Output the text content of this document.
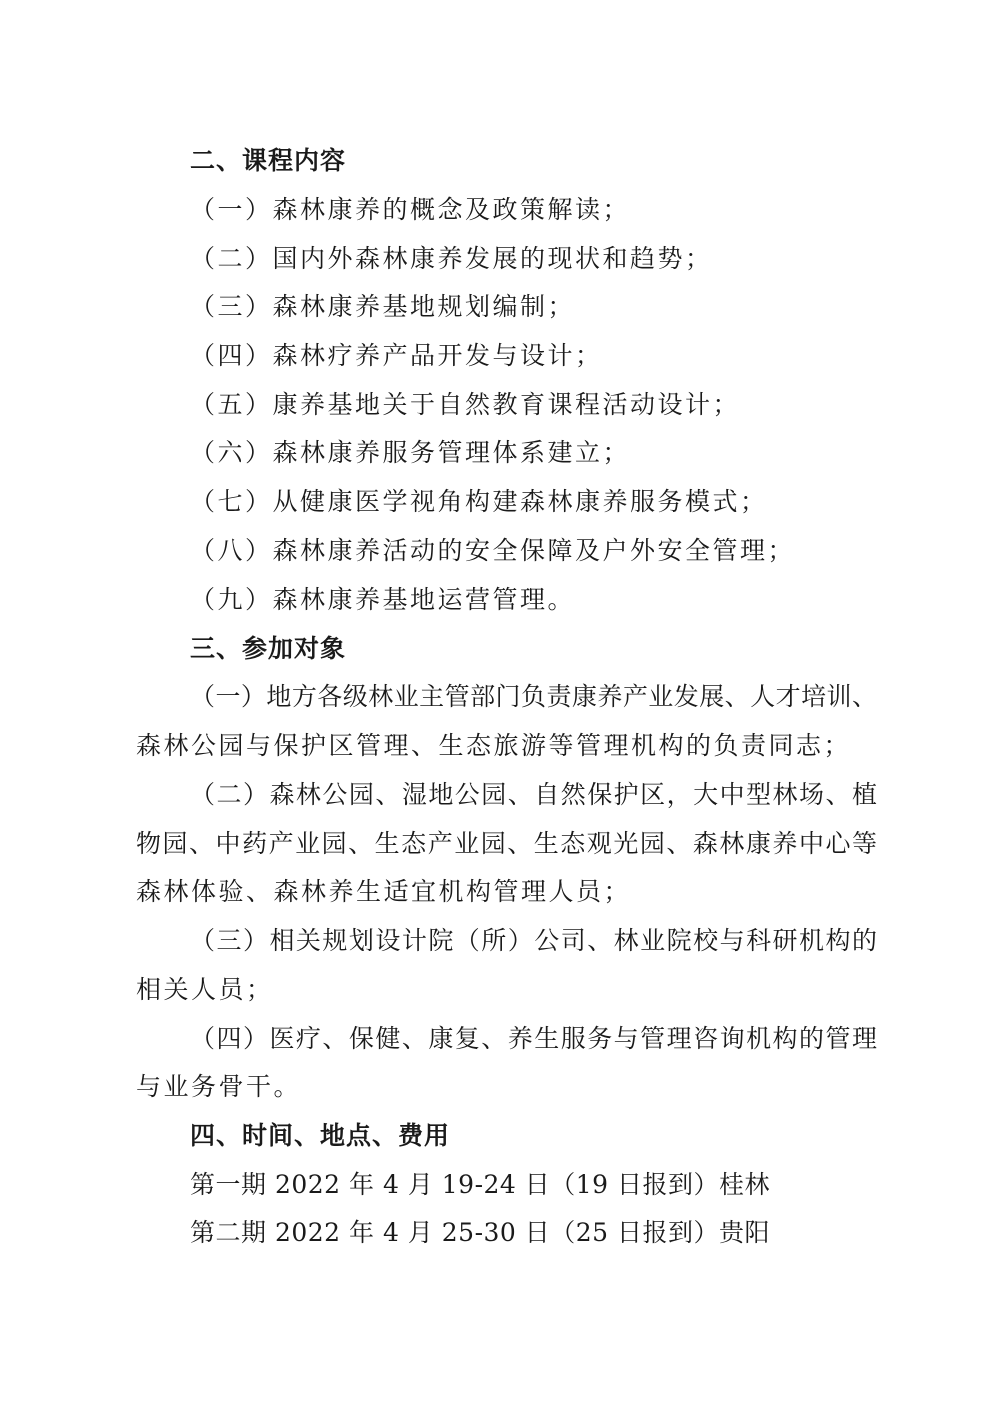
二、课程内容
（一）森林康养的概念及政策解读；
（二）国内外森林康养发展的现状和趋势；
（三）森林康养基地规划编制；
（四）森林疗养产品开发与设计；
（五）康养基地关于自然教育课程活动设计；
（六）森林康养服务管理体系建立；
（七）从健康医学视角构建森林康养服务模式；
（八）森林康养活动的安全保障及户外安全管理；
（九）森林康养基地运营管理。
三、参加对象
（一）地方各级林业主管部门负责康养产业发展、人才培训、
森林公园与保护区管理、生态旅游等管理机构的负责同志；
（二）森林公园、湿地公园、自然保护区，大中型林场、植
物园、中药产业园、生态产业园、生态观光园、森林康养中心等
森林体验、森林养生适宜机构管理人员；
（三）相关规划设计院（所）公司、林业院校与科研机构的
相关人员；
（四）医疗、保健、康复、养生服务与管理咨询机构的管理
与业务骨干。
四、时间、地点、费用
第一期 2022 年 4 月 19-24 日（19 日报到）桂林
第二期 2022 年 4 月 25-30 日（25 日报到）贵阳
